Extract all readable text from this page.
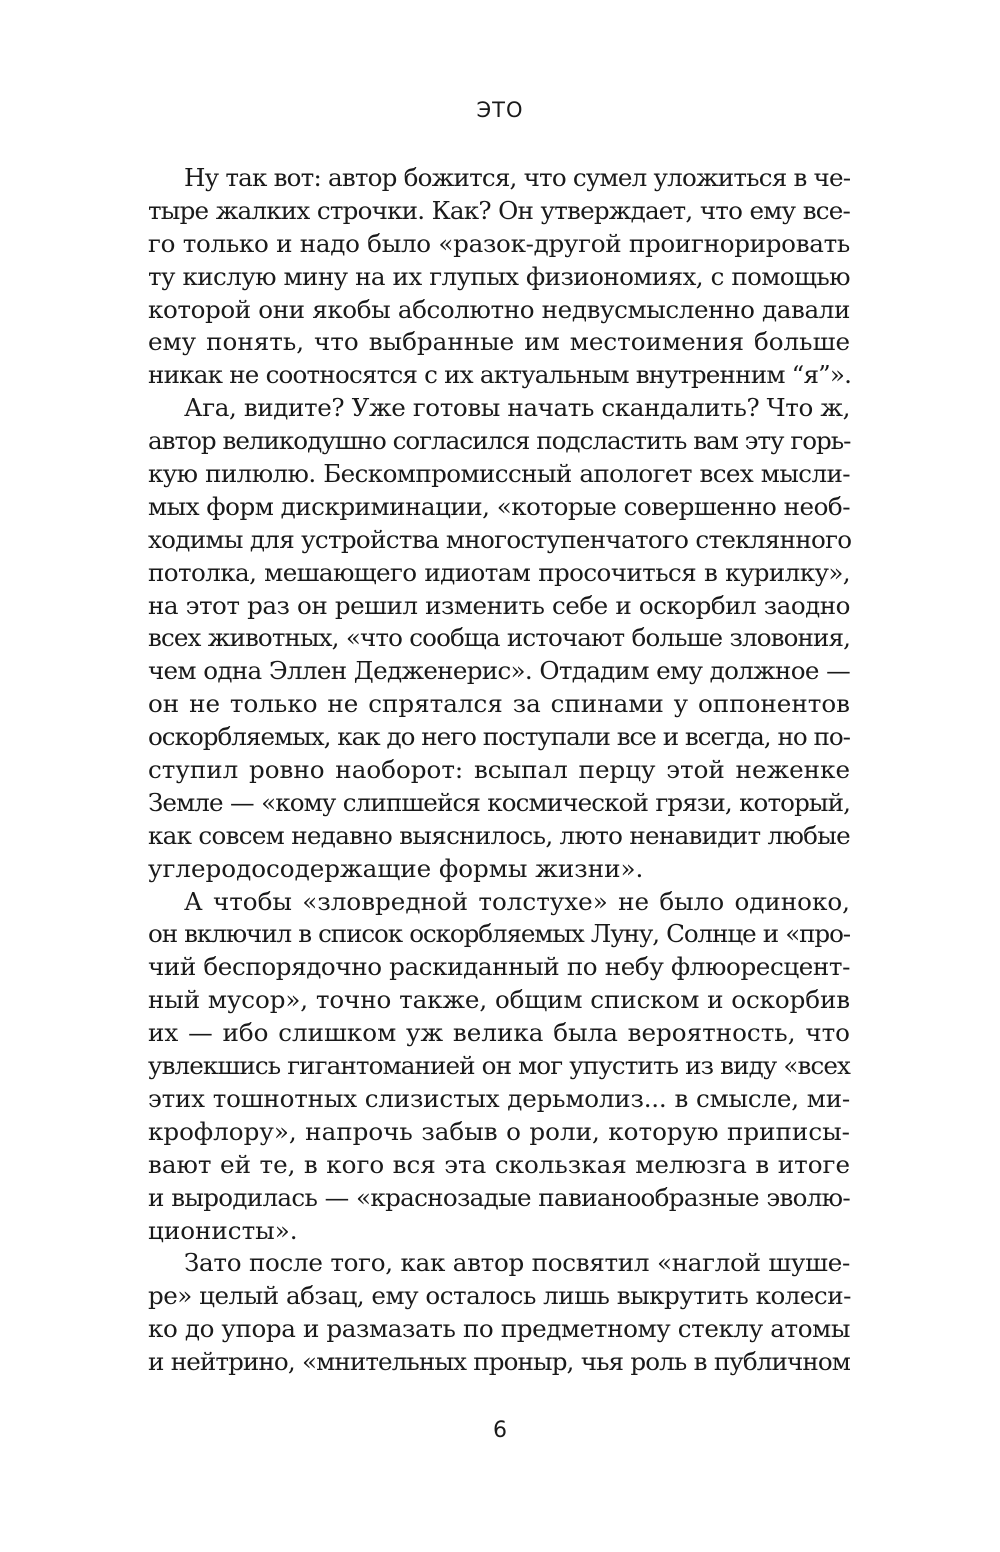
ЭТО
Ну так вот: автор божится, что сумел уложиться в че-
тыре жалких строчки. Как? Он утверждает, что ему все-
го только и надо было «разок-другой проигнорировать
ту кислую мину на их глупых физиономиях, с помощью
которой они якобы абсолютно недвусмысленно давали
ему понять, что выбранные им местоимения больше
никак не соотносятся с их актуальным внутренним “я”».
Ага, видите? Уже готовы начать скандалить? Что ж,
автор великодушно согласился подсластить вам эту горь-
кую пилюлю. Бескомпромиссный апологет всех мысли-
мых форм дискриминации, «которые совершенно необ-
ходимы для устройства многоступенчатого стеклянного
потолка, мешающего идиотам просочиться в курилку»,
на этот раз он решил изменить себе и оскорбил заодно
всех животных, «что сообща источают больше зловония,
чем одна Эллен Дедженерис». Отдадим ему должное —
он не только не спрятался за спинами у оппонентов
оскорбляемых, как до него поступали все и всегда, но по-
ступил ровно наоборот: всыпал перцу этой неженке
Земле — «кому слипшейся космической грязи, который,
как совсем недавно выяснилось, люто ненавидит любые
углеродосодержащие формы жизни».
А чтобы «зловредной толстухе» не было одиноко,
он включил в список оскорбляемых Луну, Солнце и «про-
чий беспорядочно раскиданный по небу флюоресцент-
ный мусор», точно также, общим списком и оскорбив
их — ибо слишком уж велика была вероятность, что
увлекшись гигантоманией он мог упустить из виду «всех
этих тошнотных слизистых дерьмолиз... в смысле, ми-
крофлору», напрочь забыв о роли, которую приписы-
вают ей те, в кого вся эта скользкая мелюзга в итоге
и выродилась — «краснозадые павианообразные эволю-
ционисты».
Зато после того, как автор посвятил «наглой шуше-
ре» целый абзац, ему осталось лишь выкрутить колеси-
ко до упора и размазать по предметному стеклу атомы
и нейтрино, «мнительных проныр, чья роль в публичном
6
